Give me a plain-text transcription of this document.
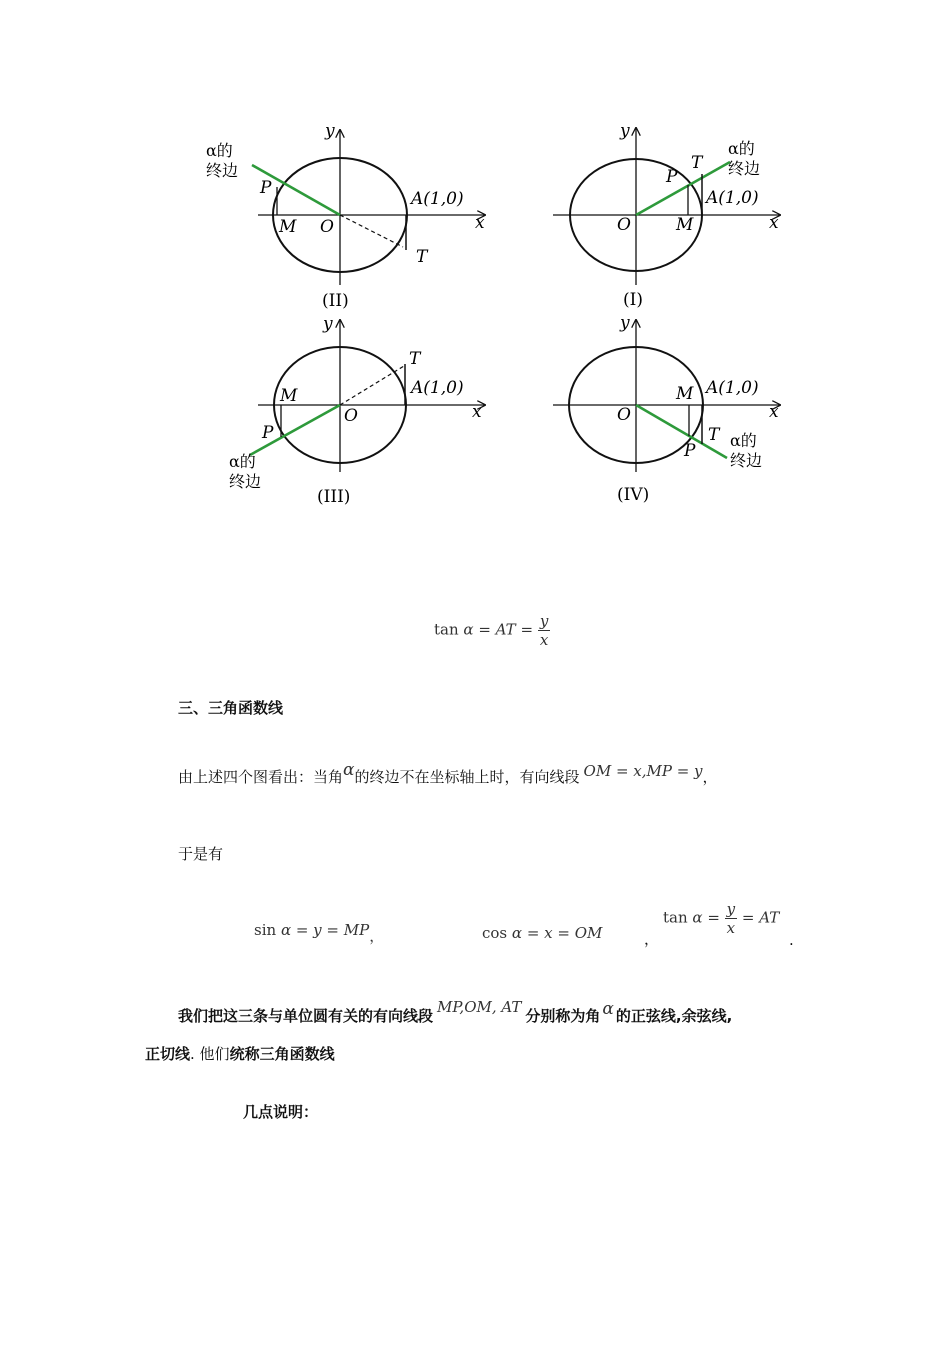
x
y
A(1,0)
P
M O
T
α的
终边
(II)
x
y
A(1,0)
P
M
O
T
α的
终边
(I)
x
y
A(1,0)
P
M
O
T
α的
终边
(III)
x
y
A(1,0)
P
M
O
T α的
终边
(IV)
tan α = AT = $\frac{y}{x}$
三、三角函数线
由上述四个图看出：当角α的终边不在坐标轴上时，有向线段 OM = x,MP = y，
于是有
sin α = y = MP，	cos α = x = OM	，
$\tan \alpha = \frac{y}{x}$ = AT
.
我们把这三条与单位圆有关的有向线段 MP,OM, AT 分别称为角 α 的正弦线,余弦线,
正切线. 他们统称三角函数线
几点说明：
